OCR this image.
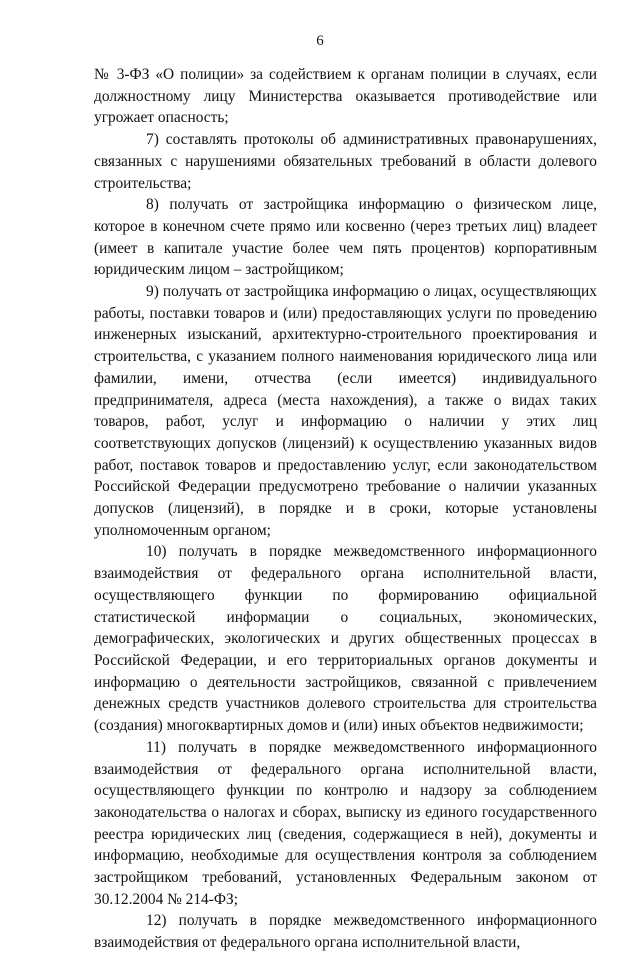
6

№ 3-ФЗ «О полиции» за содействием к органам полиции в случаях, если должностному лицу Министерства оказывается противодействие или угрожает опасность;

7) составлять протоколы об административных правонарушениях, связанных с нарушениями обязательных требований в области долевого строительства;

8) получать от застройщика информацию о физическом лице, которое в конечном счете прямо или косвенно (через третьих лиц) владеет (имеет в капитале участие более чем пять процентов) корпоративным юридическим лицом – застройщиком;

9) получать от застройщика информацию о лицах, осуществляющих работы, поставки товаров и (или) предоставляющих услуги по проведению инженерных изысканий, архитектурно-строительного проектирования и строительства, с указанием полного наименования юридического лица или фамилии, имени, отчества (если имеется) индивидуального предпринимателя, адреса (места нахождения), а также о видах таких товаров, работ, услуг и информацию о наличии у этих лиц соответствующих допусков (лицензий) к осуществлению указанных видов работ, поставок товаров и предоставлению услуг, если законодательством Российской Федерации предусмотрено требование о наличии указанных допусков (лицензий), в порядке и в сроки, которые установлены уполномоченным органом;

10) получать в порядке межведомственного информационного взаимодействия от федерального органа исполнительной власти, осуществляющего функции по формированию официальной статистической информации о социальных, экономических, демографических, экологических и других общественных процессах в Российской Федерации, и его территориальных органов документы и информацию о деятельности застройщиков, связанной с привлечением денежных средств участников долевого строительства для строительства (создания) многоквартирных домов и (или) иных объектов недвижимости;

11) получать в порядке межведомственного информационного взаимодействия от федерального органа исполнительной власти, осуществляющего функции по контролю и надзору за соблюдением законодательства о налогах и сборах, выписку из единого государственного реестра юридических лиц (сведения, содержащиеся в ней), документы и информацию, необходимые для осуществления контроля за соблюдением застройщиком требований, установленных Федеральным законом от 30.12.2004 № 214-ФЗ;

12) получать в порядке межведомственного информационного взаимодействия от федерального органа исполнительной власти,
